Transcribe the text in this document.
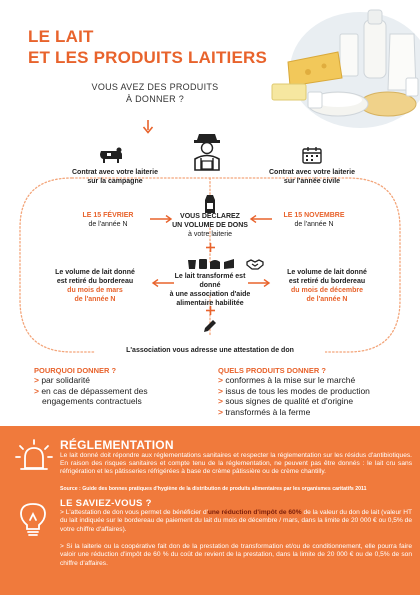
LE LAIT
ET LES PRODUITS LAITIERS
VOUS AVEZ DES PRODUITS
À DONNER ?
Contrat avec votre laiterie
sur la campagne
Contrat avec votre laiterie
sur l'année civile
LE 15 FÉVRIER
de l'année N
LE 15 NOVEMBRE
de l'année N
VOUS DÉCLAREZ
UN VOLUME DE DONS
à votre laiterie
Le volume de lait donné
est retiré du bordereau
du mois de mars
de l'année N
Le lait transformé est donné
à une association d'aide
alimentaire habilitée
Le volume de lait donné
est retiré du bordereau
du mois de décembre
de l'année N
L'association vous adresse une attestation de don
POURQUOI DONNER ?
> par solidarité
> en cas de dépassement des
engagements contractuels
QUELS PRODUITS DONNER ?
> conformes à la mise sur le marché
> issus de tous les modes de production
> sous signes de qualité et d'origine
> transformés à la ferme
RÉGLEMENTATION
Le lait donné doit répondre aux réglementations sanitaires et respecter la réglementation sur les résidus d'antibiotiques. En raison des risques sanitaires et compte tenu de la réglementation, ne peuvent pas être donnés : le lait cru sans réfrigération et les pâtisseries réfrigérées à base de crème pâtissière ou de crème chantilly.
Source : Guide des bonnes pratiques d'hygiène de la distribution de produits alimentaires par les organismes caritatifs 2011
LE SAVIEZ-VOUS ?
> L'attestation de don vous permet de bénéficier d'une réduction d'impôt de 60% de la valeur du don de lait (valeur HT du lait indiquée sur le bordereau de paiement du lait du mois de décembre / mars, dans la limite de 20 000 € ou 0,5% de votre chiffre d'affaires).
> Si la laiterie ou la coopérative fait don de la prestation de transformation et/ou de conditionnement, elle pourra faire valoir une réduction d'impôt de 60 % du coût de revient de la prestation, dans la limite de 20 000 € ou de 0,5% de son chiffre d'affaires.
